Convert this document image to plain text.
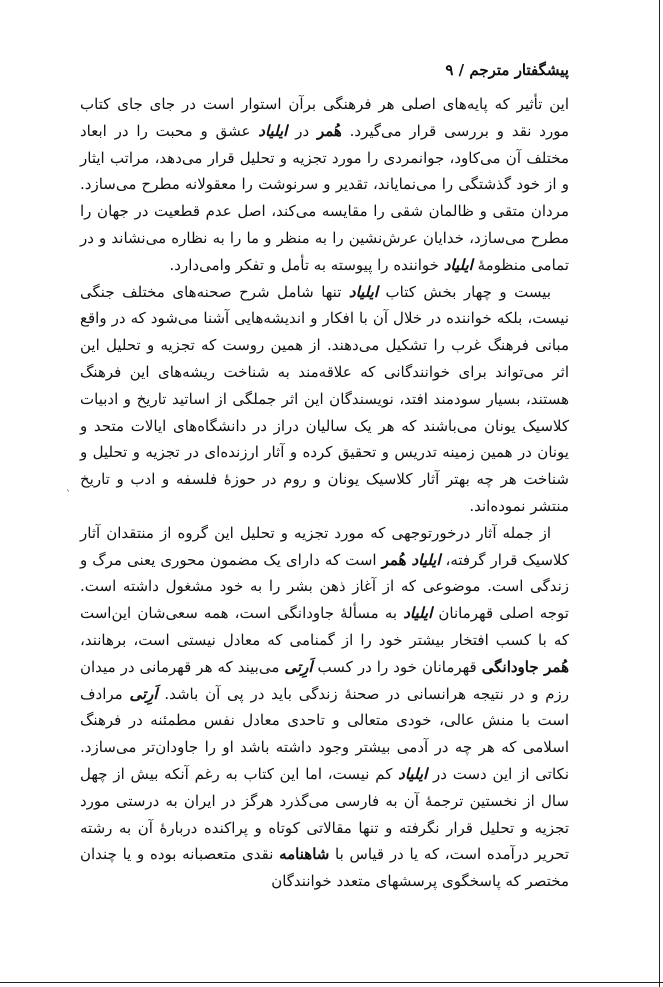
پیشگفتار مترجم / ۹

این تأثیر که پایه‌های اصلی هر فرهنگی برآن استوار است در جای جای کتاب مورد نقد و بررسی قرار می‌گیرد. هُمر در ایلیاد عشق و محبت را در ابعاد مختلف آن می‌کاود، جوانمردی را مورد تجزیه و تحلیل قرار می‌دهد، مراتب ایثار و از خود گذشتگی را می‌نمایاند، تقدیر و سرنوشت را معقولانه مطرح می‌سازد. مردان متقی و ظالمان شقی را مقایسه می‌کند، اصل عدم قطعیت در جهان را مطرح می‌سازد، خدایان عرش‌نشین را به منظر و ما را به نظاره می‌نشاند و در تمامی منظومهٔ ایلیاد خواننده را پیوسته به تأمل و تفکر وامی‌دارد.

بیست و چهار بخش کتاب ایلیاد تنها شامل شرح صحنه‌های مختلف جنگی نیست، بلکه خواننده در خلال آن با افکار و اندیشه‌هایی آشنا می‌شود که در واقع مبانی فرهنگ غرب را تشکیل می‌دهند. از همین روست که تجزیه و تحلیل این اثر می‌تواند برای خوانندگانی که علاقه‌مند به شناخت ریشه‌های این فرهنگ هستند، بسیار سودمند افتد، نویسندگان این اثر جملگی از اساتید تاریخ و ادبیات کلاسیک یونان می‌باشند که هر یک سالیان دراز در دانشگاه‌های ایالات متحد و یونان در همین زمینه تدریس و تحقیق کرده و آثار ارزنده‌ای در تجزیه و تحلیل و شناخت هر چه بهتر آثار کلاسیک یونان و روم در حوزهٔ فلسفه و ادب و تاریخ منتشر نموده‌اند.

از جمله آثار درخورتوجهی که مورد تجزیه و تحلیل این گروه از منتقدان آثار کلاسیک قرار گرفته، ایلیاد هُمر است که دارای یک مضمون محوری یعنی مرگ و زندگی است. موضوعی که از آغاز ذهن بشر را به خود مشغول داشته است. توجه اصلی قهرمانان ایلیاد به مسألهٔ جاودانگی است، همه سعی‌شان این‌است که با کسب افتخار بیشتر خود را از گمنامی که معادل نیستی است، برهانند، هُمر جاودانگی قهرمانان خود را در کسب اَرِتی می‌بیند که هر قهرمانی در میدان رزم و در نتیجه هرانسانی در صحنهٔ زندگی باید در پی آن باشد. اَرِتی مرادف است با منش عالی، خودی متعالی و تاحدی معادل نفس مطمئنه در فرهنگ اسلامی که هر چه در آدمی بیشتر وجود داشته باشد او را جاودان‌تر می‌سازد. نکاتی از این دست در ایلیاد کم نیست، اما این کتاب به رغم آنکه بیش از چهل سال از نخستین ترجمهٔ آن به فارسی می‌گذرد هرگز در ایران به درستی مورد تجزیه و تحلیل قرار نگرفته و تنها مقالاتی کوتاه و پراکنده دربارهٔ آن به رشته تحریر درآمده است، که یا در قیاس با شاهنامه نقدی متعصبانه بوده و یا چندان مختصر که پاسخگوی پرسشهای متعدد خوانندگان

ˋ
